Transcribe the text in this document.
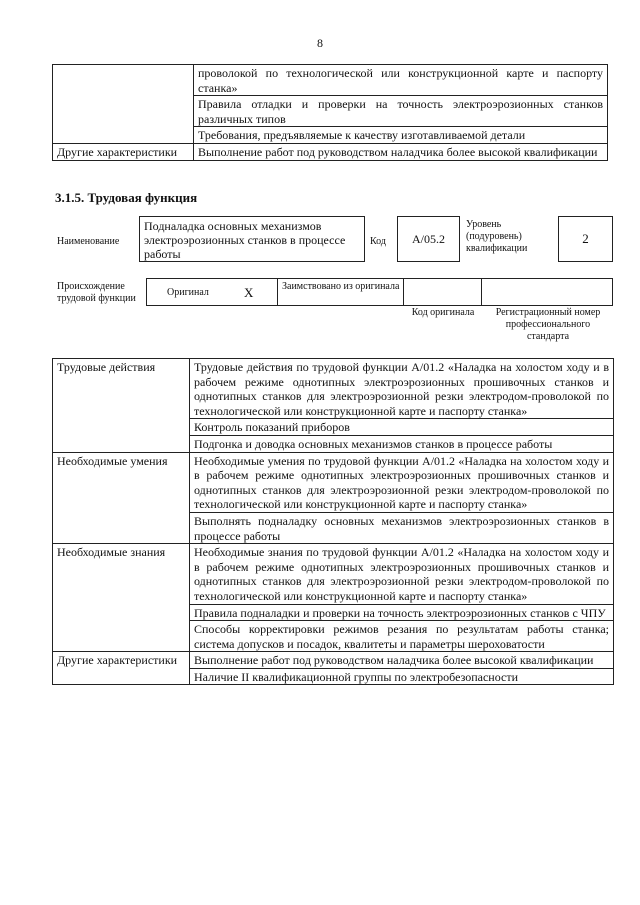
8
	проволокой по технологической или конструкционной карте и паспорту станка»
	Правила отладки и проверки на точность электроэрозионных станков различных типов
	Требования, предъявляемые к качеству изготавливаемой детали
Другие характеристики	Выполнение работ под руководством наладчика более высокой квалификации
3.1.5. Трудовая функция
Наименование
Подналадка основных механизмов электроэрозионных станков в процессе работы
Код	А/05.2
Уровень (подуровень) квалификации
2
Происхождение трудовой функции
Оригинал	X	Заимствовано из оригинала
Код оригинала	Регистрационный номер профессионального стандарта
Трудовые действия	Трудовые действия по трудовой функции А/01.2 «Наладка на холостом ходу и в рабочем режиме однотипных электроэрозионных прошивочных станков и однотипных станков для электроэрозионной резки электродом-проволокой по технологической или конструкционной карте и паспорту станка»
	Контроль показаний приборов
	Подгонка и доводка основных механизмов станков в процессе работы
Необходимые умения	Необходимые умения по трудовой функции А/01.2 «Наладка на холостом ходу и в рабочем режиме однотипных электроэрозионных прошивочных станков и однотипных станков для электроэрозионной резки электродом-проволокой по технологической или конструкционной карте и паспорту станка»
	Выполнять подналадку основных механизмов электроэрозионных станков в процессе работы
Необходимые знания	Необходимые знания по трудовой функции А/01.2 «Наладка на холостом ходу и в рабочем режиме однотипных электроэрозионных прошивочных станков и однотипных станков для электроэрозионной резки электродом-проволокой по технологической или конструкционной карте и паспорту станка»
	Правила подналадки и проверки на точность электроэрозионных станков с ЧПУ
	Способы корректировки режимов резания по результатам работы станка; система допусков и посадок, квалитеты и параметры шероховатости
Другие характеристики	Выполнение работ под руководством наладчика более высокой квалификации
	Наличие II квалификационной группы по электробезопасности
